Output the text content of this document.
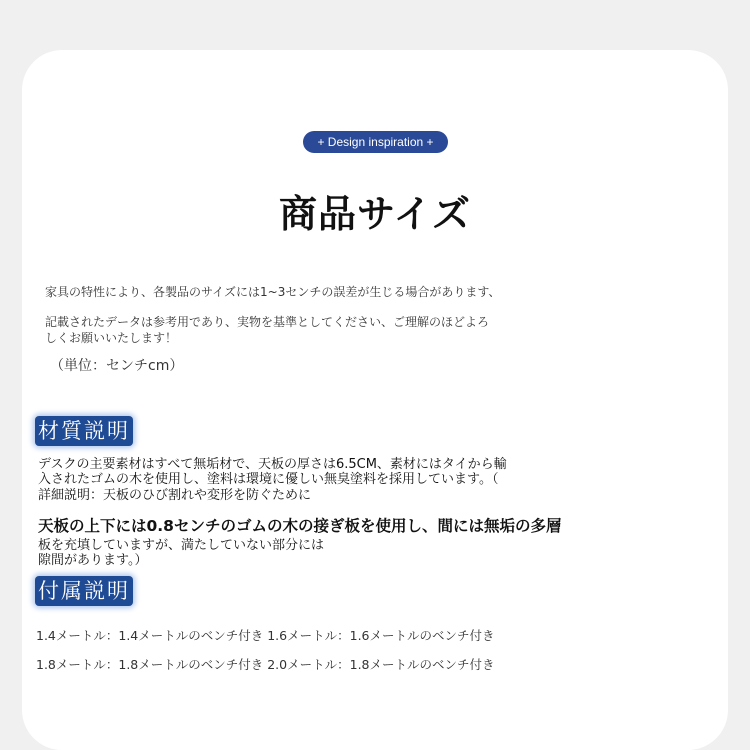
+ Design inspiration +
商品サイズ
家具の特性により、各製品のサイズには1~3センチの誤差が生じる場合があります、
記載されたデータは参考用であり、実物を基準としてください、ご理解のほどよろ
しくお願いいたします！
（単位：センチcm）
材質説明
デスクの主要素材はすべて無垢材で、天板の厚さは6.5CM、素材にはタイから輸
入されたゴムの木を使用し、塗料は環境に優しい無臭塗料を採用しています。（
詳細説明：天板のひび割れや変形を防ぐために
天板の上下には0.8センチのゴムの木の接ぎ板を使用し、間には無垢の多層
板を充填していますが、満たしていない部分には
隙間があります。）
付属説明
1.4メートル：1.4メートルのベンチ付き 1.6メートル：1.6メートルのベンチ付き
1.8メートル：1.8メートルのベンチ付き 2.0メートル：1.8メートルのベンチ付き
